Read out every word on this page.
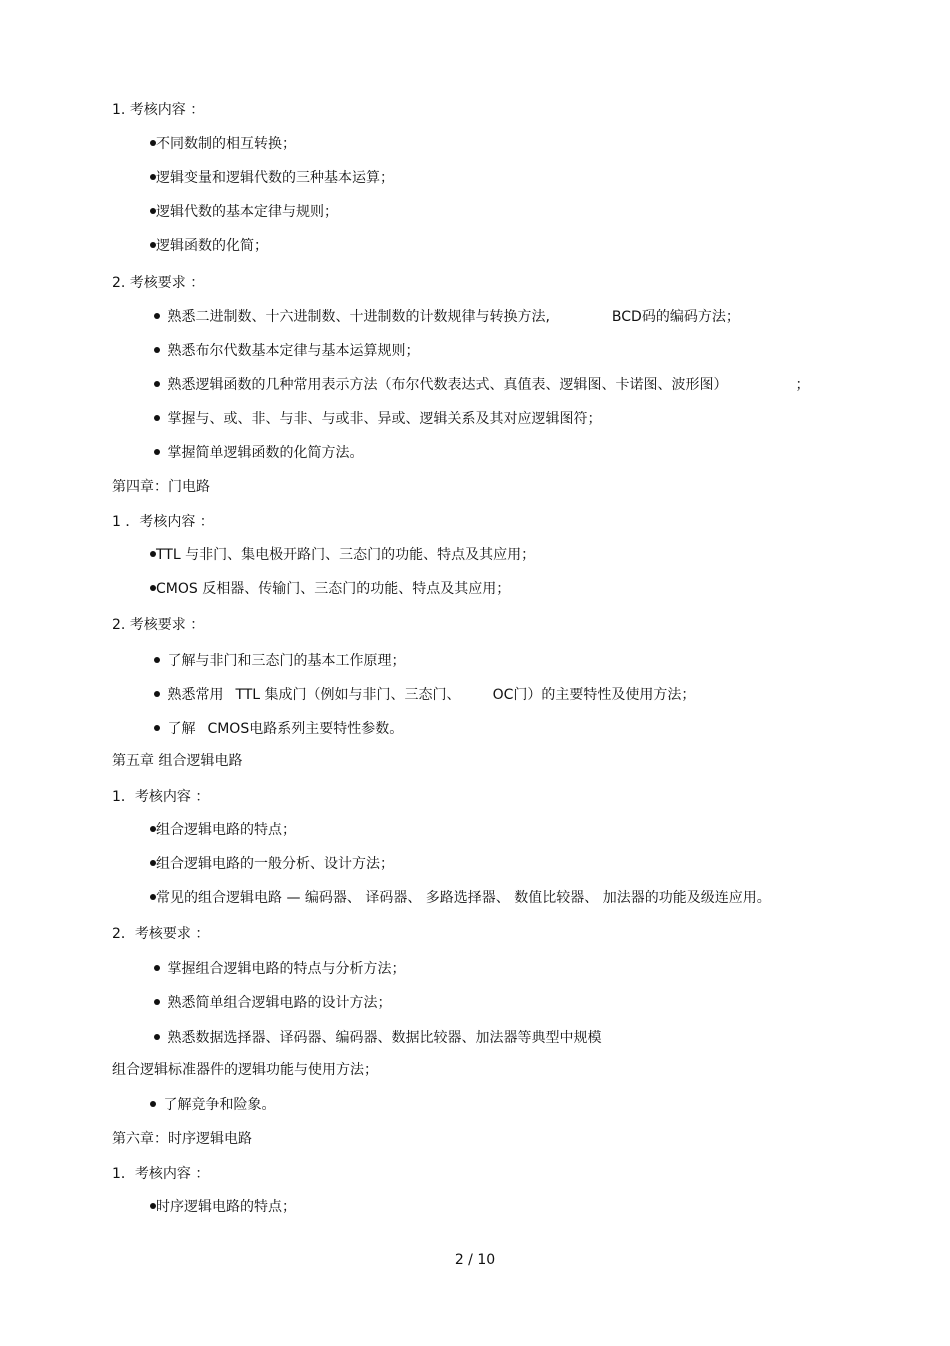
1. 考核内容 ：
不同数制的相互转换；
逻辑变量和逻辑代数的三种基本运算；
逻辑代数的基本定律与规则；
逻辑函数的化简；
2. 考核要求 ：
熟悉二进制数、十六进制数、十进制数的计数规律与转换方法,	BCD码的编码方法；
熟悉布尔代数基本定律与基本运算规则；
熟悉逻辑函数的几种常用表示方法（布尔代数表达式、真值表、逻辑图、卡诺图、波形图）	；
掌握与、或、非、与非、与或非、异或、逻辑关系及其对应逻辑图符；
掌握简单逻辑函数的化简方法。
第四章：门电路
1 ．考核内容 ：
TTL 与非门、集电极开路门、三态门的功能、特点及其应用；
CMOS 反相器、传输门、三态门的功能、特点及其应用；
2. 考核要求 ：
了解与非门和三态门的基本工作原理；
熟悉常用 TTL 集成门（例如与非门、三态门、 OC门）的主要特性及使用方法；
了解 CMOS电路系列主要特性参数。
第五章 组合逻辑电路
1．考核内容 ：
组合逻辑电路的特点；
组合逻辑电路的一般分析、设计方法；
常见的组合逻辑电路 — 编码器、 译码器、 多路选择器、 数值比较器、 加法器的功能及级连应用。
2．考核要求 ：
掌握组合逻辑电路的特点与分析方法；
熟悉简单组合逻辑电路的设计方法；
熟悉数据选择器、译码器、编码器、数据比较器、加法器等典型中规模
组合逻辑标准器件的逻辑功能与使用方法；
了解竞争和险象。
第六章：时序逻辑电路
1．考核内容 ：
时序逻辑电路的特点；
2 / 10
